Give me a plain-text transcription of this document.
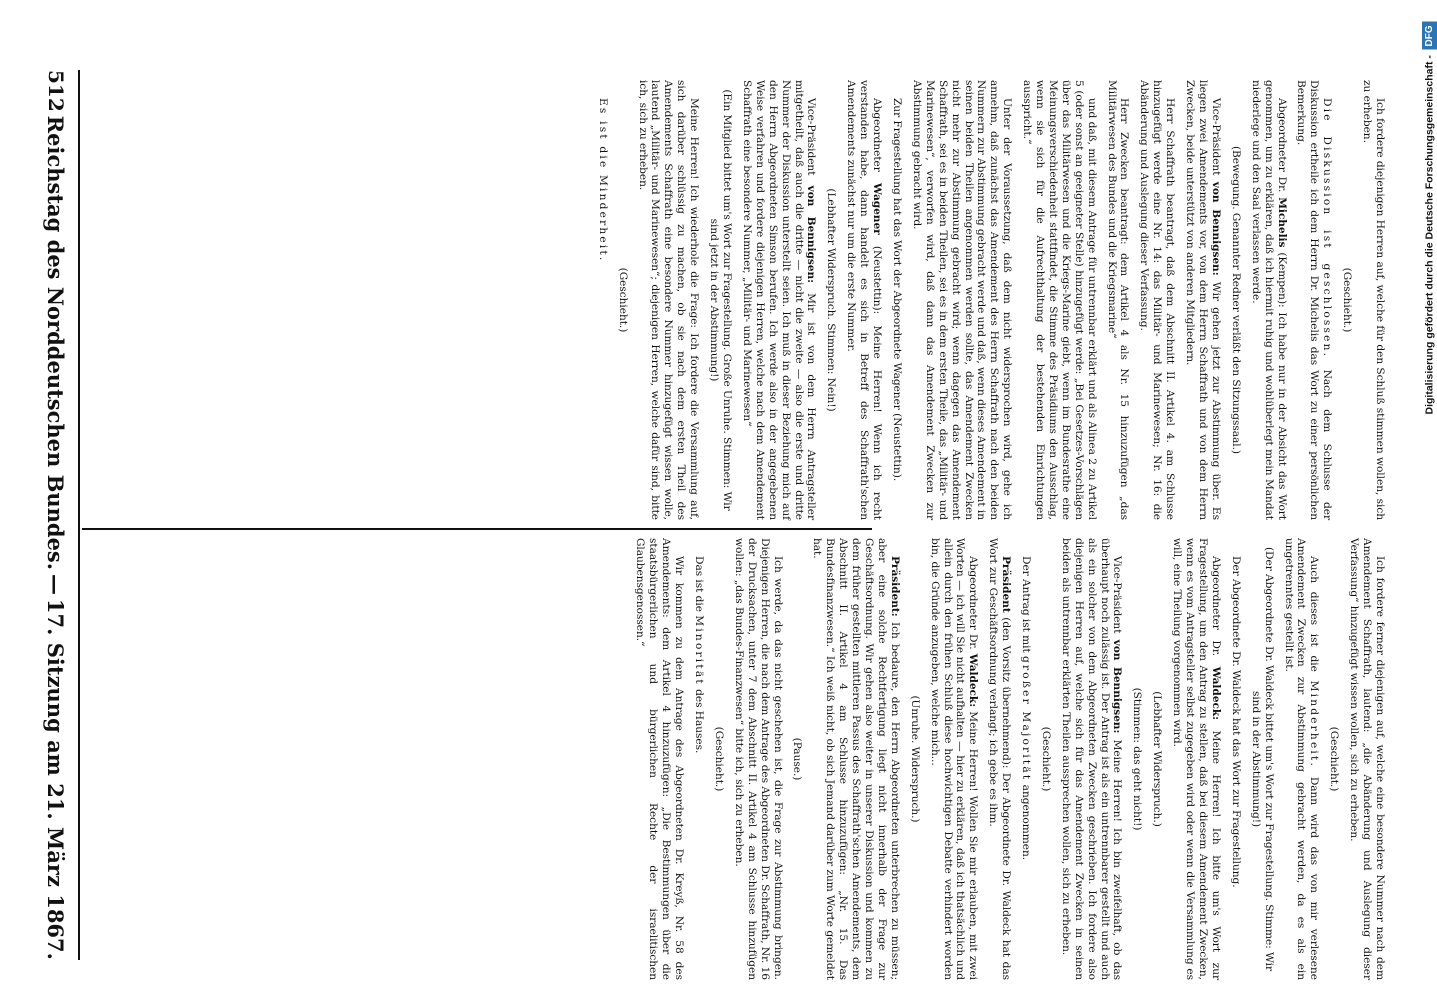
Ich fordere diejenigen Herren auf, welche für den Schluß stimmen wollen, sich zu erheben.

(Geschieht.)

Die Diskussion ist geschlossen. Nach dem Schlusse der Diskussion ertheile ich dem Herrn Dr. Michelis das Wort zu einer persönlichen Bemerkung.

Abgeordneter Dr. Michelis (Kempen): Ich habe nur in der Absicht das Wort genommen, um zu erklären, daß ich hiermit ruhig und wohlüberlegt mein Mandat niederlege und den Saal verlassen werde.

(Bewegung. Genannter Redner verläßt den Sitzungssaal.)

Vice-Präsident von Bennigsen: Wir gehen jetzt zur Abstimmung über. Es liegen zwei Amendements vor, von dem Herrn Schaffrath und von dem Herrn Zwecken, beide unterstützt von anderen Mitgliedern.

Herr Schaffrath beantragt, daß dem Abschnitt II. Artikel 4. am Schlusse hinzugefügt werde eine Nr. 14: das Militär- und Marinewesen; Nr. 16: die Abänderung und Auslegung dieser Verfassung.

Herr Zwecken beantragt: dem Artikel 4 als Nr. 15 hinzuzufügen „das Militärwesen des Bundes und die Kriegsmarine“

und daß, mit diesem Antrage für untrennbar erklärt und als Alinea 2 zu Artikel 5 (oder sonst an geeigneter Stelle) hinzugefügt werde: „Bei Gesetzes-Vorschlägen über das Militärwesen und die Kriegs-Marine giebt, wenn im Bundesrathe eine Meinungsverschiedenheit stattfindet, die Stimme des Präsidiums den Ausschlag, wenn sie sich für die Aufrechthaltung der bestehenden Einrichtungen ausspricht.“

Unter der Voraussetzung, daß dem nicht widersprochen wird, gehe ich annehm, daß zunächst das Amendement des Herrn Schaffrath nach den beiden Nummern zur Abstimmung gebracht werde und daß, wenn dieses Amendement in seinen beiden Theilen angenommen werden sollte, das Amendement Zwecken nicht mehr zur Abstimmung gebracht wird; wenn dagegen das Amendement Schaffrath, sei es in beiden Theilen, sei es in dem ersten Theile, das „Militär- und Marinewesen“, verworfen wird, daß dann das Amendement Zwecken zur Abstimmung gebracht wird.

Zur Fragestellung hat das Wort der Abgeordnete Wagener (Neustettin).

Abgeordneter Wagener (Neustettin): Meine Herren! Wenn ich recht verstanden habe, dann handelt es sich in Betreff des Schaffrath'schen Amendements zunächst nur um die erste Nummer.

(Lebhafter Widerspruch. Stimmen: Nein!)

Vice-Präsident von Bennigsen: Mir ist von dem Herrn Antragsteller mitgetheilt, daß auch die dritte — nicht die zweite — also die erste und dritte Nummer der Diskussion unterstellt seien. Ich muß in dieser Beziehung mich auf den Herrn Abgeordneten Simson berufen. Ich werde also in der angegebenen Weise verfahren und fordere diejenigen Herren, welche nach dem Amendement Schaffrath eine besondere Nummer, „Militär- und Marinewesen“

(Ein Mitglied bittet um's Wort zur Fragestellung. Große Unruhe. Stimmen: Wir sind jetzt in der Abstimmung!)

Meine Herren! Ich wiederhole die Frage: Ich fordere die Versammlung auf, sich darüber schlüssig zu machen, ob sie nach dem ersten Theil des Amendements Schaffrath eine besondere Nummer hinzugefügt wissen wolle, lautend „Militär- und Marinewesen“; diejenigen Herren, welche dafür sind, bitte ich, sich zu erheben.

(Geschieht.)

Es ist die Minderheit.

Ich fordere ferner diejenigen auf, welche eine besondere Nummer nach dem Amendement Schaffrath, lautend: „die Abänderung und Auslegung dieser Verfassung“ hinzugefügt wissen wollen, sich zu erheben.

(Geschieht.)

Auch dieses ist die Minderheit. Dann wird das von mir verlesene Amendement Zwecken zur Abstimmung gebracht werden, da es als ein ungetrenntes gestellt ist.

(Der Abgeordnete Dr. Waldeck bittet um's Wort zur Fragestellung. Stimme: Wir sind in der Abstimmung!)

Der Abgeordnete Dr. Waldeck hat das Wort zur Fragestellung.

Abgeordneter Dr. Waldeck: Meine Herren! Ich bitte um's Wort zur Fragestellung, um den Antrag zu stellen, daß bei diesem Amendement Zwecken, wenn es vom Antragsteller selbst zugegeben wird oder wenn die Versammlung es will, eine Theilung vorgenommen wird.

(Lebhafter Widerspruch.)

(Stimmen: das geht nicht!)

Vice-Präsident von Bennigsen: Meine Herren! Ich bin zweifelhaft, ob das überhaupt noch zulässig ist. Der Antrag ist als ein untrennbarer gestellt und auch als ein solcher von dem Abgeordneten Zwecken geschrieben. Ich fordere also diejenigen Herren auf, welche sich für das Amendement Zwecken in seinen beiden als untrennbar erklärten Theilen aussprechen wollen, sich zu erheben.

(Geschieht.)

Der Antrag ist mit großer Majorität angenommen.

Präsident (den Vorsitz übernehmend): Der Abgeordnete Dr. Waldeck hat das Wort zur Geschäftsordnung verlangt; ich gebe es ihm.

Abgeordneter Dr. Waldeck: Meine Herren! Wollen Sie mir erlauben, mit zwei Worten — ich will Sie nicht aufhalten — hier zu erklären, daß ich thatsächlich und allein durch den frühen Schluß diese hochwichtigen Debatte verhindert worden bin, die Gründe anzugeben, welche mich...

(Unruhe. Widerspruch.)

Präsident: Ich bedaure, den Herrn Abgeordneten unterbrechen zu müssen; aber eine solche Rechtfertigung liegt nicht innerhalb der Frage zur Geschäftsordnung. Wir gehen also weiter in unserer Diskussion und kommen zu dem früher gestellten mittleren Passus des Schaffrath'schen Amendements, dem Abschnitt II. Artikel 4 am Schlusse hinzuzufügen: „Nr. 15. Das Bundesfinanzwesen.“ Ich weiß nicht, ob sich Jemand darüber zum Worte gemeldet hat.

(Pause.)

Ich werde, da das nicht geschehen ist, die Frage zur Abstimmung bringen. Diejenigen Herren, die nach dem Antrage des Abgeordneten Dr. Schaffrath, Nr. 16 der Drucksachen, unter 7 dem Abschnitt II. Artikel 4 am Schlusse hinzufügen wollen: „das Bundes-Finanzwesen“ bitte ich, sich zu erheben.

(Geschieht.)

Das ist die Minorität des Hauses.

Wir kommen zu dem Antrage des Abgeordneten Dr. Kreyß, Nr. 58 des Amendements: dem Artikel 4 hinzuzufügen: „Die Bestimmungen über die staatsbürgerlichen und bürgerlichen Rechte der israelitischen Glaubensgenossen.“

512
Reichstag des Norddeutschen Bundes.
—
17. Sitzung am 21. März 1867.
Digitalisierung gefördert durch die Deutsche Forschungsgemeinschaft -
DFG
